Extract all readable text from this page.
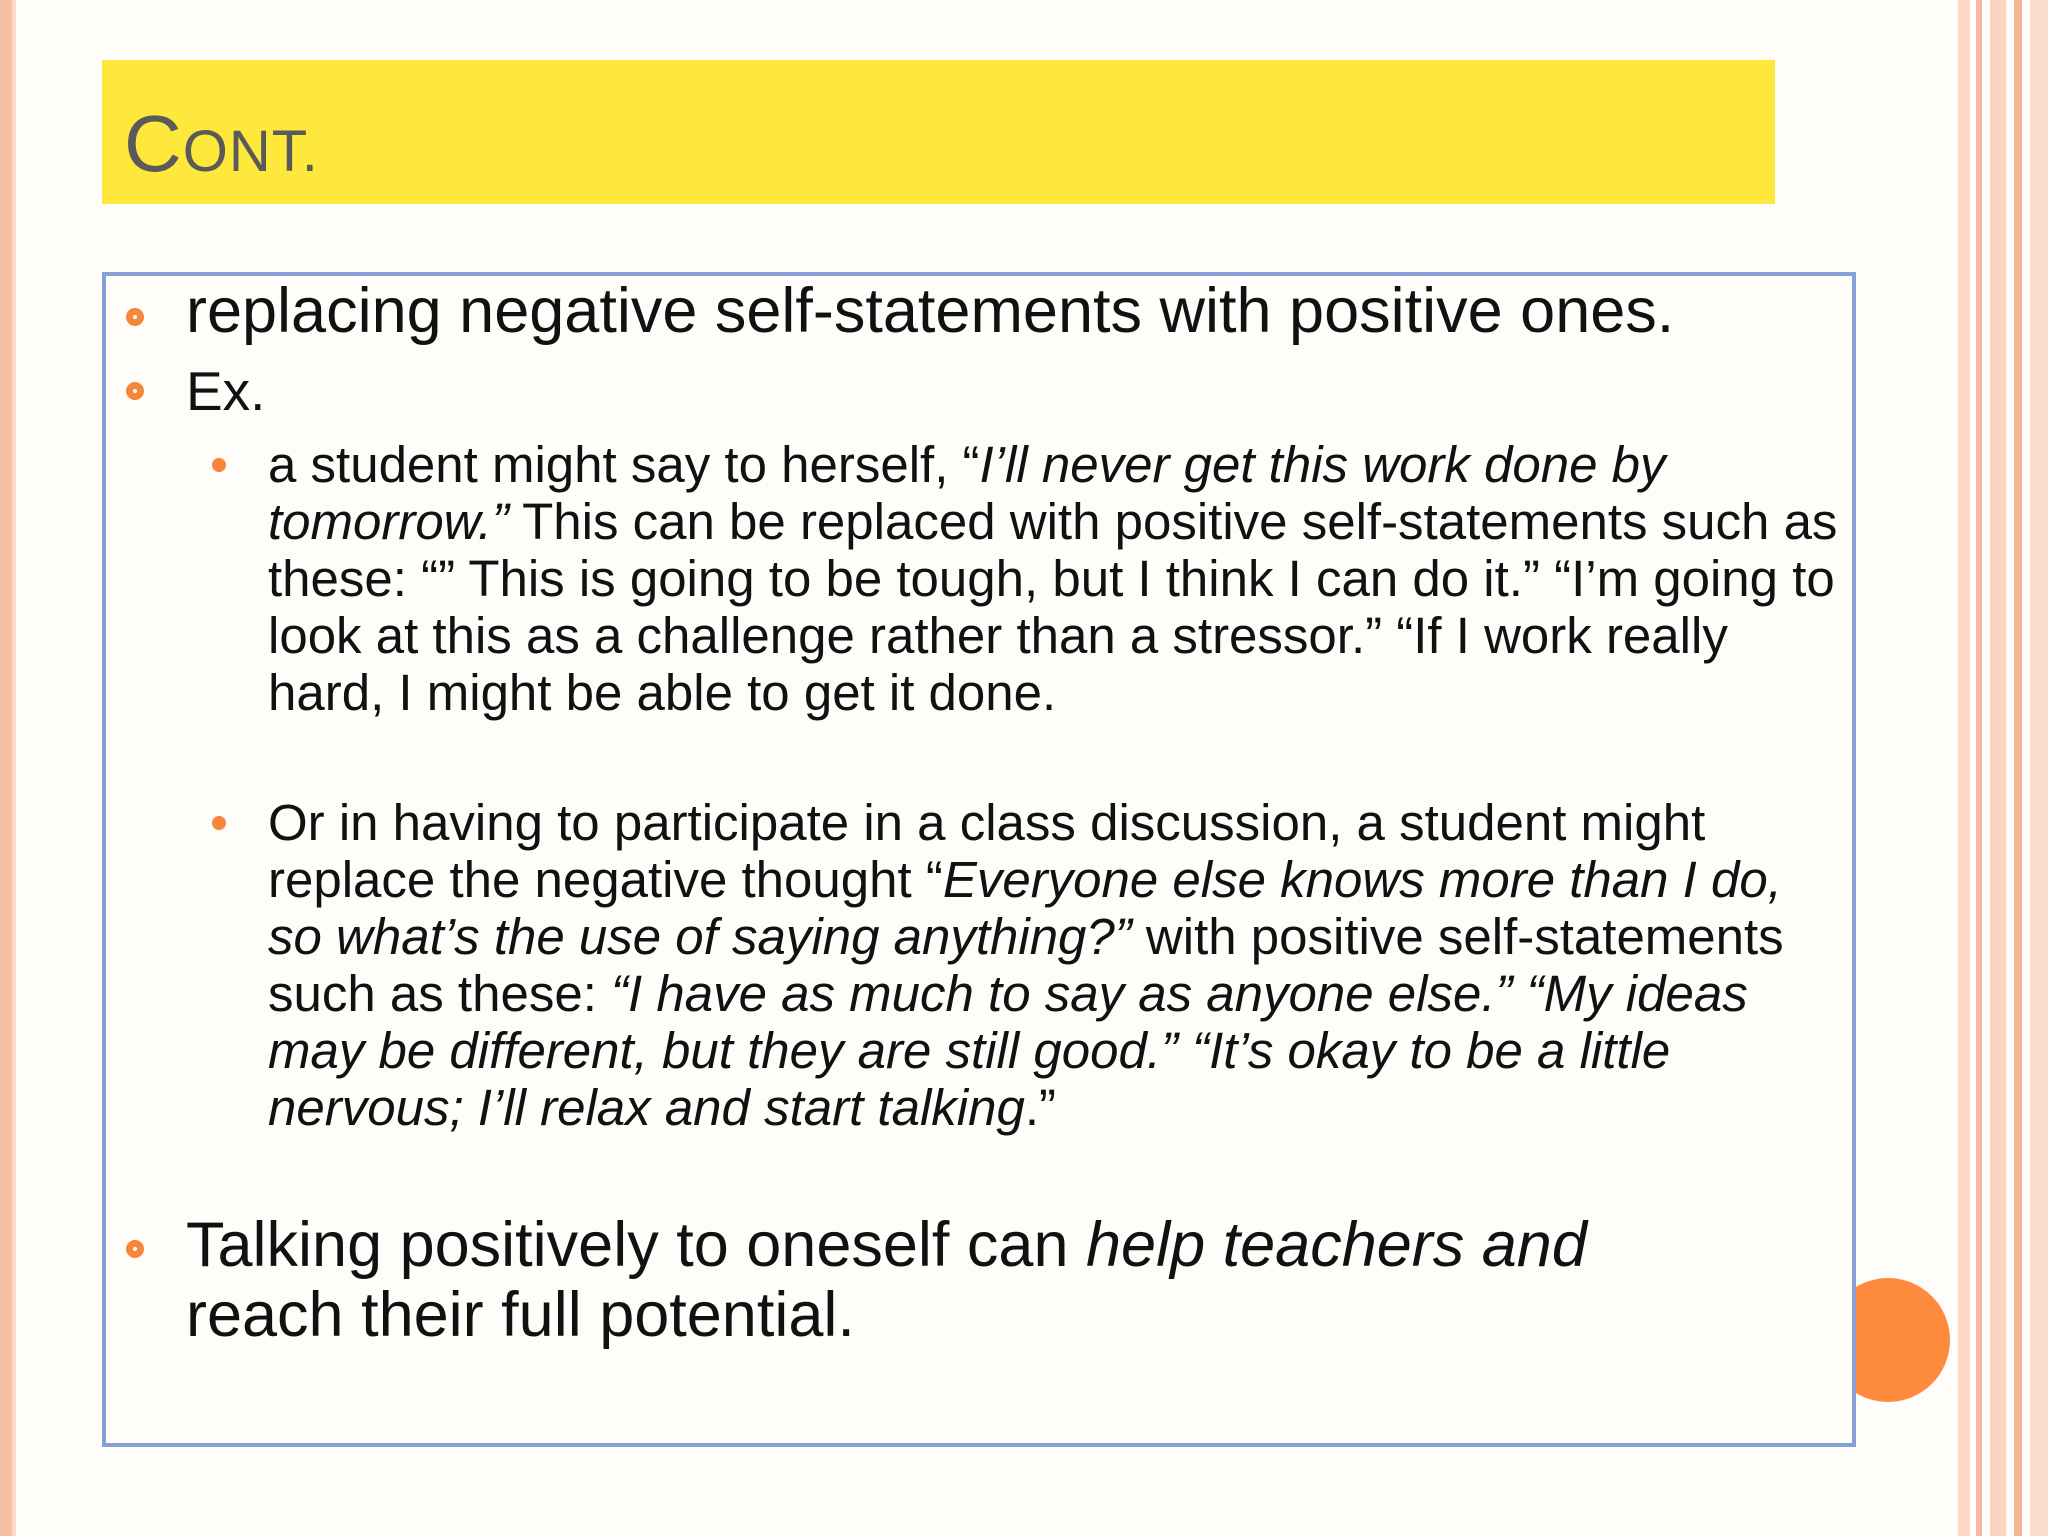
CONT.
replacing negative self-statements with positive ones.
Ex.
a student might say to herself, “I’ll never get this work done by tomorrow.” This can be replaced with positive self-statements such as these: “” This is going to be tough, but I think I can do it.” “I’m going to look at this as a challenge rather than a stressor.” “If I work really hard, I might be able to get it done.
Or in having to participate in a class discussion, a student might replace the negative thought “Everyone else knows more than I do, so what’s the use of saying anything?” with positive self-statements such as these: “I have as much to say as anyone else.” “My ideas may be different, but they are still good.” “It’s okay to be a little nervous; I’ll relax and start talking.”
Talking positively to oneself can help teachers and reach their full potential.
